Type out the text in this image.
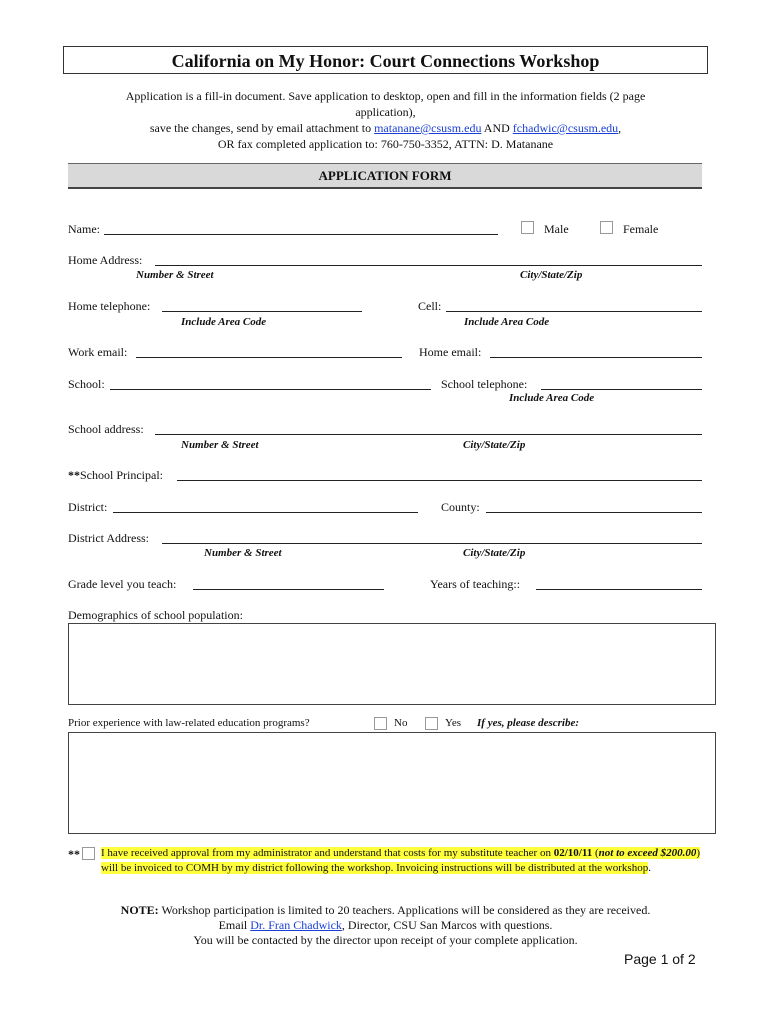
California on My Honor: Court Connections Workshop
Application is a fill-in document. Save application to desktop, open and fill in the information fields (2 page
application),
save the changes, send by email attachment to matanane@csusm.edu AND fchadwic@csusm.edu,
OR fax completed application to: 760-750-3352, ATTN: D. Matanane
APPLICATION FORM
Name:	Male	Female
Home Address:
Number & Street	City/State/Zip
Home telephone:
Include Area Code
Cell:
Include Area Code
Work email:	Home email:
School:	School telephone:
Include Area Code
School address:
Number & Street	City/State/Zip
**School Principal:
District:	County:
District Address:
Number & Street	City/State/Zip
Grade level you teach:	Years of teaching::
Demographics of school population:
Prior experience with law-related education programs?	No	Yes If yes, please describe:
** I have received approval from my administrator and understand that costs for my substitute teacher on 02/10/11 (not to exceed $200.00) will be invoiced to COMH by my district following the workshop. Invoicing instructions will be distributed at the workshop.
NOTE: Workshop participation is limited to 20 teachers. Applications will be considered as they are received.
Email Dr. Fran Chadwick, Director, CSU San Marcos with questions.
You will be contacted by the director upon receipt of your complete application.
Page 1 of 2
